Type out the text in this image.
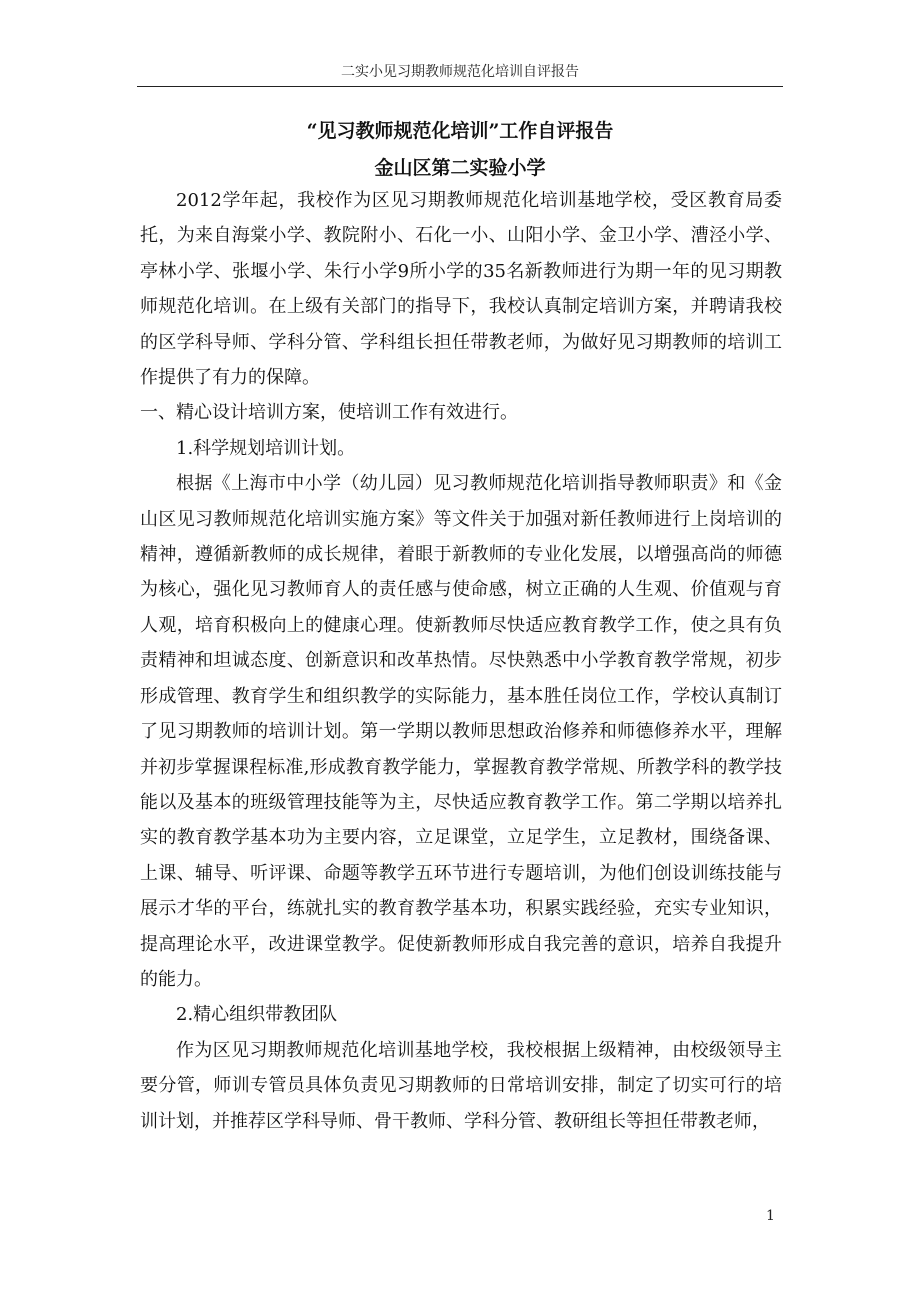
二实小见习期教师规范化培训自评报告
“见习教师规范化培训”工作自评报告
金山区第二实验小学

2012学年起，我校作为区见习期教师规范化培训基地学校，受区教育局委托，为来自海棠小学、教院附小、石化一小、山阳小学、金卫小学、漕泾小学、亭林小学、张堰小学、朱行小学9所小学的35名新教师进行为期一年的见习期教师规范化培训。在上级有关部门的指导下，我校认真制定培训方案，并聘请我校的区学科导师、学科分管、学科组长担任带教老师，为做好见习期教师的培训工作提供了有力的保障。

一、精心设计培训方案，使培训工作有效进行。

1.科学规划培训计划。

根据《上海市中小学（幼儿园）见习教师规范化培训指导教师职责》和《金山区见习教师规范化培训实施方案》等文件关于加强对新任教师进行上岗培训的精神，遵循新教师的成长规律，着眼于新教师的专业化发展，以增强高尚的师德为核心，强化见习教师育人的责任感与使命感，树立正确的人生观、价值观与育人观，培育积极向上的健康心理。使新教师尽快适应教育教学工作，使之具有负责精神和坦诚态度、创新意识和改革热情。尽快熟悉中小学教育教学常规，初步形成管理、教育学生和组织教学的实际能力，基本胜任岗位工作，学校认真制订了见习期教师的培训计划。第一学期以教师思想政治修养和师德修养水平，理解并初步掌握课程标准,形成教育教学能力，掌握教育教学常规、所教学科的教学技能以及基本的班级管理技能等为主，尽快适应教育教学工作。第二学期以培养扎实的教育教学基本功为主要内容，立足课堂，立足学生，立足教材，围绕备课、上课、辅导、听评课、命题等教学五环节进行专题培训，为他们创设训练技能与展示才华的平台，练就扎实的教育教学基本功，积累实践经验，充实专业知识，提高理论水平，改进课堂教学。促使新教师形成自我完善的意识，培养自我提升的能力。

2.精心组织带教团队

作为区见习期教师规范化培训基地学校，我校根据上级精神，由校级领导主要分管，师训专管员具体负责见习期教师的日常培训安排，制定了切实可行的培训计划，并推荐区学科导师、骨干教师、学科分管、教研组长等担任带教老师，

1
